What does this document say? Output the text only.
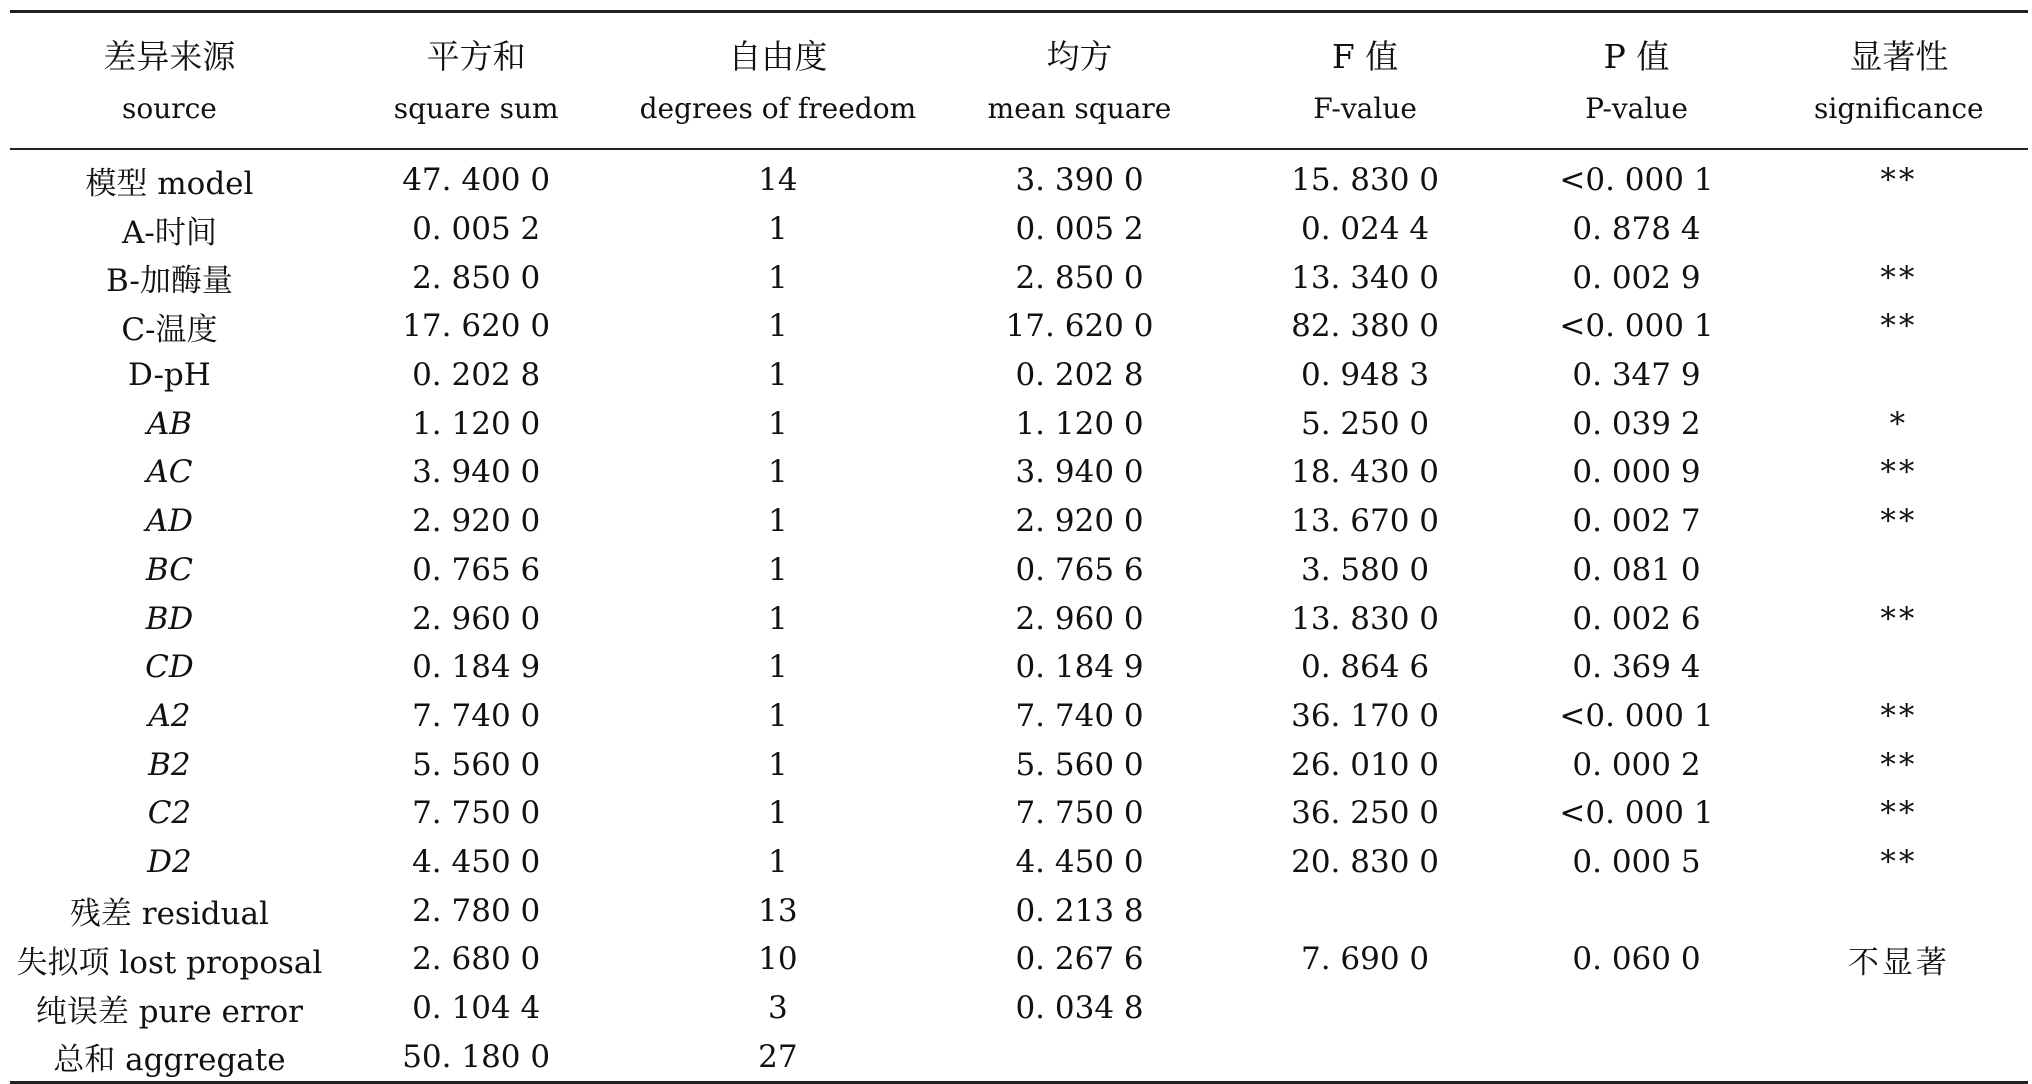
差异来源	平方和	自由度	均方	F 值	P 值	显著性
source	square sum	degrees of freedom	mean square	F-value	P-value	significance
模型 model	47. 400 0	14	3. 390 0	15. 830 0	<0. 000 1	**
A-时间	0. 005 2	1	0. 005 2	0. 024 4	0. 878 4	
B-加酶量	2. 850 0	1	2. 850 0	13. 340 0	0. 002 9	**
C-温度	17. 620 0	1	17. 620 0	82. 380 0	<0. 000 1	**
D-pH	0. 202 8	1	0. 202 8	0. 948 3	0. 347 9	
AB	1. 120 0	1	1. 120 0	5. 250 0	0. 039 2	*
AC	3. 940 0	1	3. 940 0	18. 430 0	0. 000 9	**
AD	2. 920 0	1	2. 920 0	13. 670 0	0. 002 7	**
BC	0. 765 6	1	0. 765 6	3. 580 0	0. 081 0	
BD	2. 960 0	1	2. 960 0	13. 830 0	0. 002 6	**
CD	0. 184 9	1	0. 184 9	0. 864 6	0. 369 4	
A2	7. 740 0	1	7. 740 0	36. 170 0	<0. 000 1	**
B2	5. 560 0	1	5. 560 0	26. 010 0	0. 000 2	**
C2	7. 750 0	1	7. 750 0	36. 250 0	<0. 000 1	**
D2	4. 450 0	1	4. 450 0	20. 830 0	0. 000 5	**
残差 residual	2. 780 0	13	0. 213 8			
失拟项 lost proposal	2. 680 0	10	0. 267 6	7. 690 0	0. 060 0	不显著
纯误差 pure error	0. 104 4	3	0. 034 8			
总和 aggregate	50. 180 0	27				
